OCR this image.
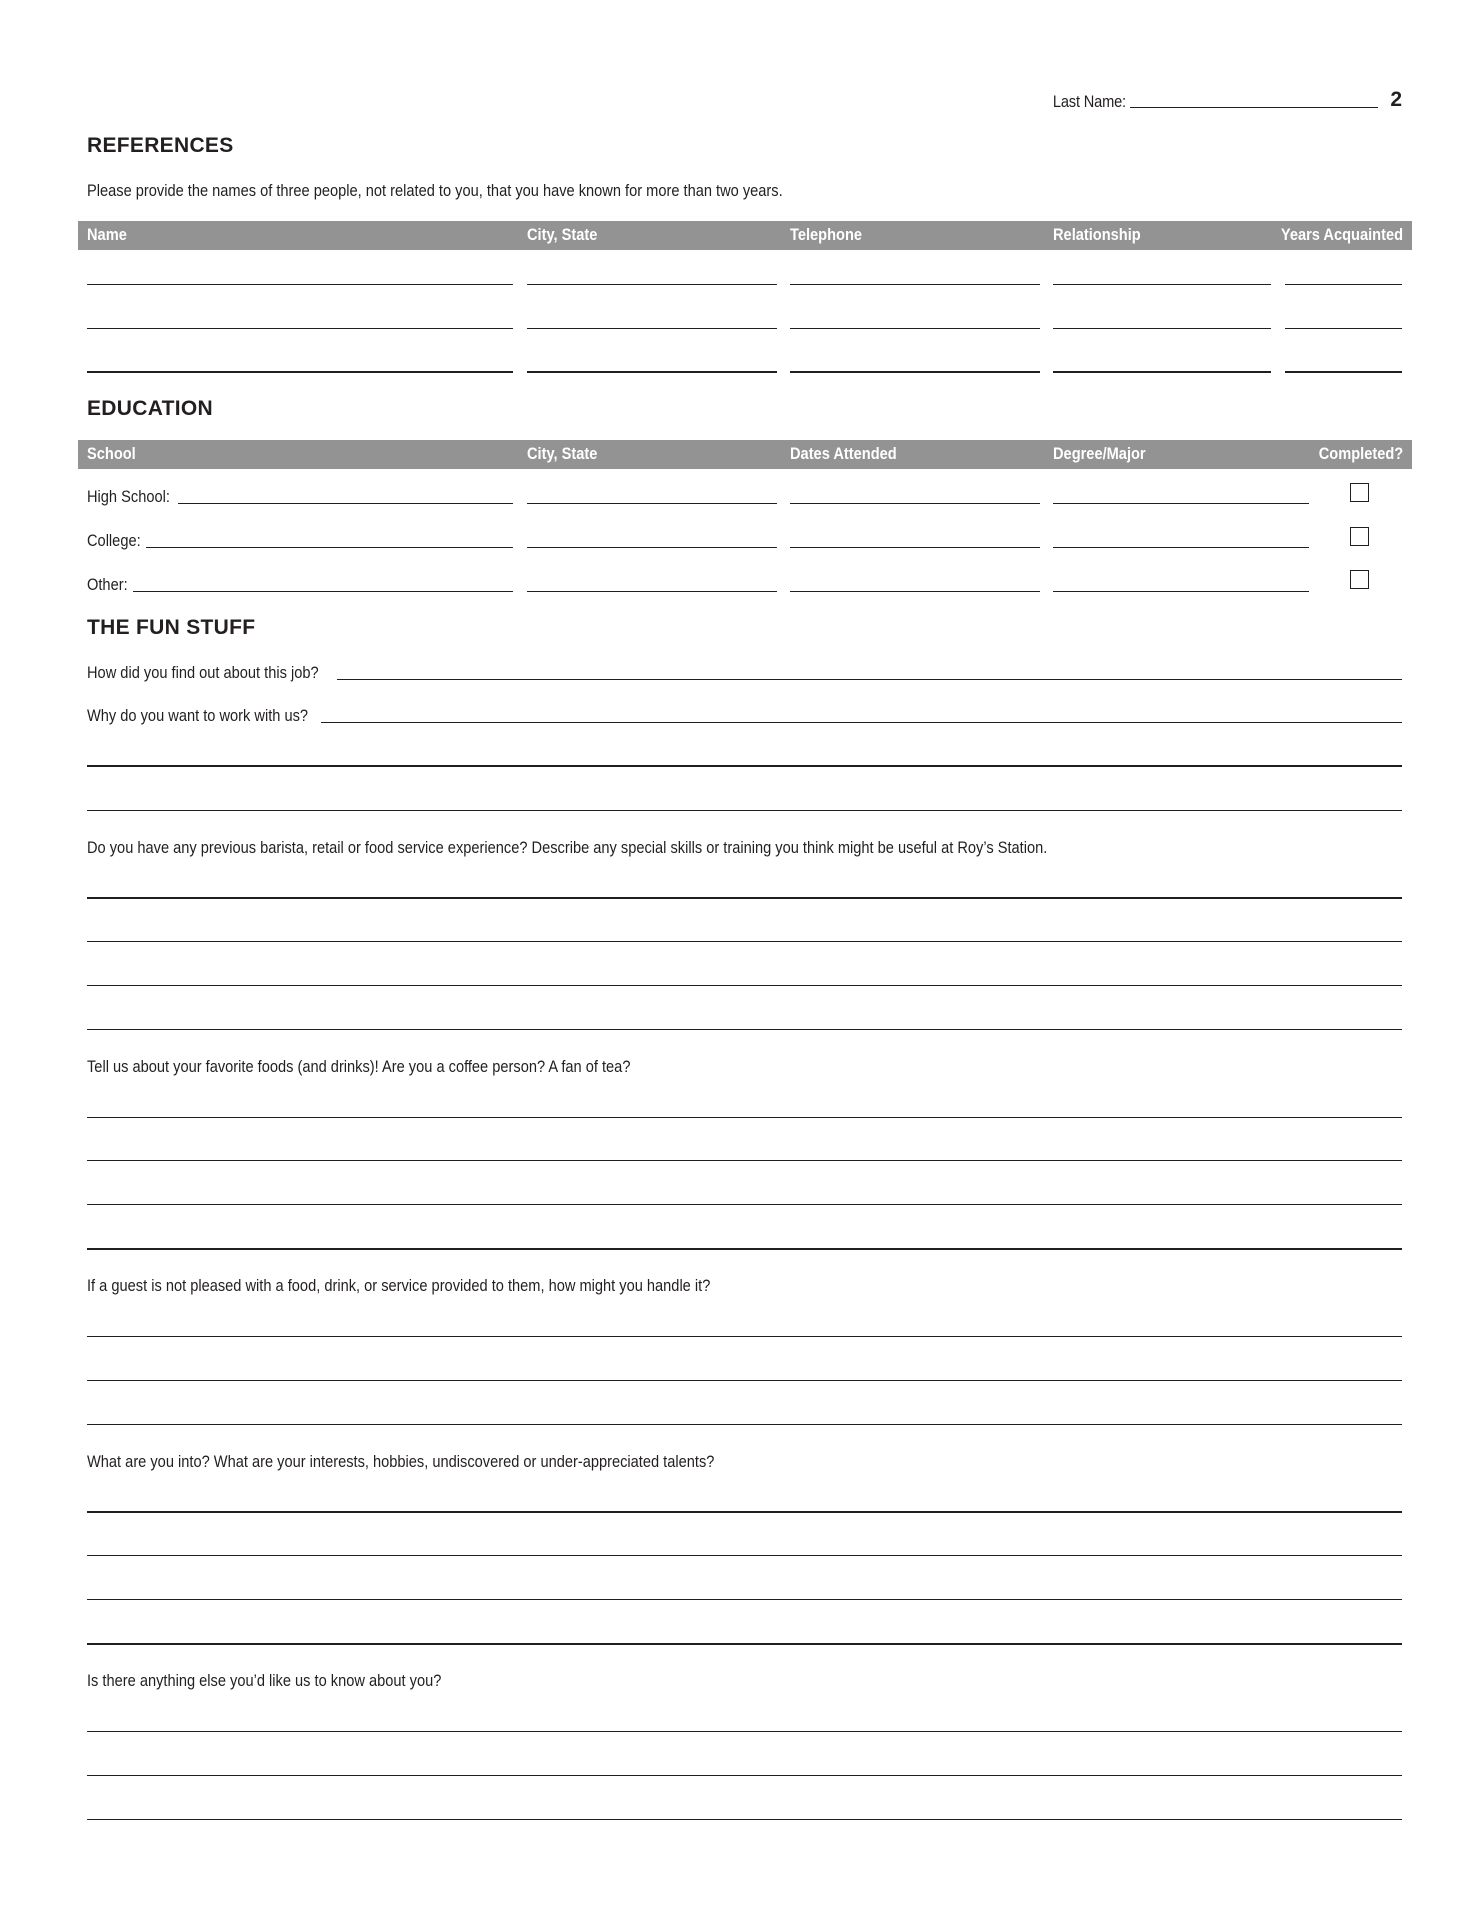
Last Name:	2
REFERENCES
Please provide the names of three people, not related to you, that you have known for more than two years.
Name	City, State	Telephone	Relationship	Years Acquainted
EDUCATION
School	City, State	Dates Attended	Degree/Major	Completed?
High School:
College:
Other:
THE FUN STUFF
How did you find out about this job?
Why do you want to work with us?
Do you have any previous barista, retail or food service experience? Describe any special skills or training you think might be useful at Roy’s Station.
Tell us about your favorite foods (and drinks)! Are you a coffee person? A fan of tea?
If a guest is not pleased with a food, drink, or service provided to them, how might you handle it?
What are you into? What are your interests, hobbies, undiscovered or under-appreciated talents?
Is there anything else you’d like us to know about you?
